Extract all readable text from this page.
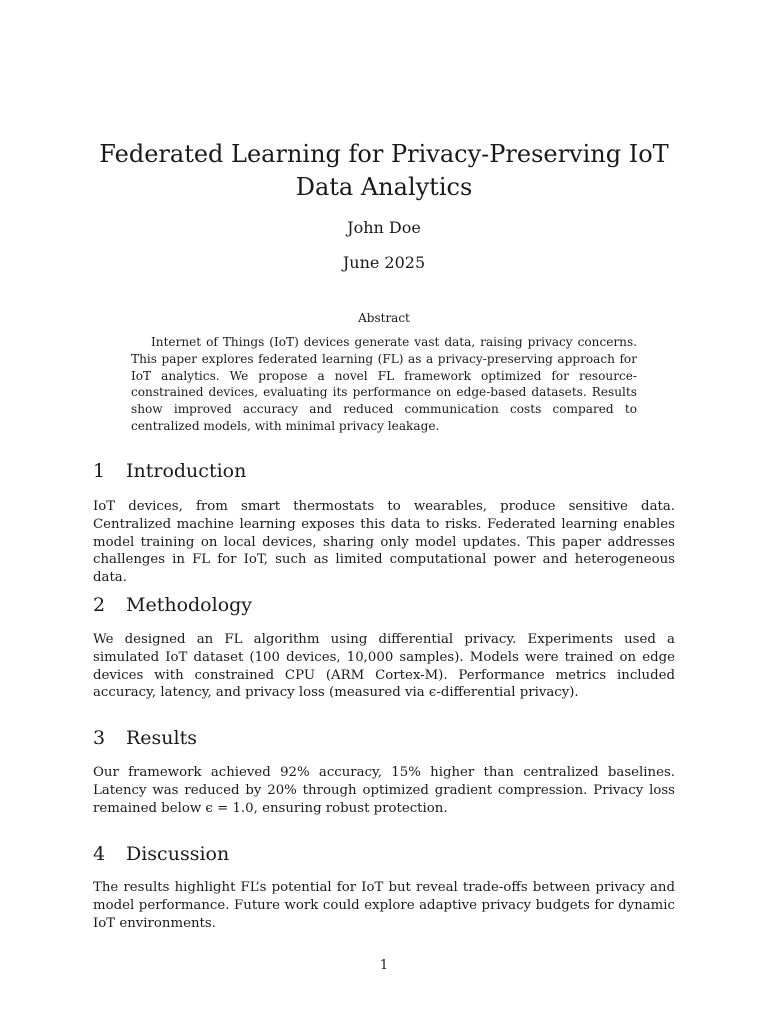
Federated Learning for Privacy-Preserving IoT Data Analytics

John Doe

June 2025

Abstract

Internet of Things (IoT) devices generate vast data, raising privacy concerns. This paper explores federated learning (FL) as a privacy-preserving approach for IoT analytics. We propose a novel FL framework optimized for resource-constrained devices, evaluating its performance on edge-based datasets. Results show improved accuracy and reduced communication costs compared to centralized models, with minimal privacy leakage.

1 Introduction

IoT devices, from smart thermostats to wearables, produce sensitive data. Centralized machine learning exposes this data to risks. Federated learning enables model training on local devices, sharing only model updates. This paper addresses challenges in FL for IoT, such as limited computational power and heterogeneous data.

2 Methodology

We designed an FL algorithm using differential privacy. Experiments used a simulated IoT dataset (100 devices, 10,000 samples). Models were trained on edge devices with constrained CPU (ARM Cortex-M). Performance metrics included accuracy, latency, and privacy loss (measured via ϵ-differential privacy).

3 Results

Our framework achieved 92% accuracy, 15% higher than centralized baselines. Latency was reduced by 20% through optimized gradient compression. Privacy loss remained below ϵ = 1.0, ensuring robust protection.

4 Discussion

The results highlight FL’s potential for IoT but reveal trade-offs between privacy and model performance. Future work could explore adaptive privacy budgets for dynamic IoT environments.

1
